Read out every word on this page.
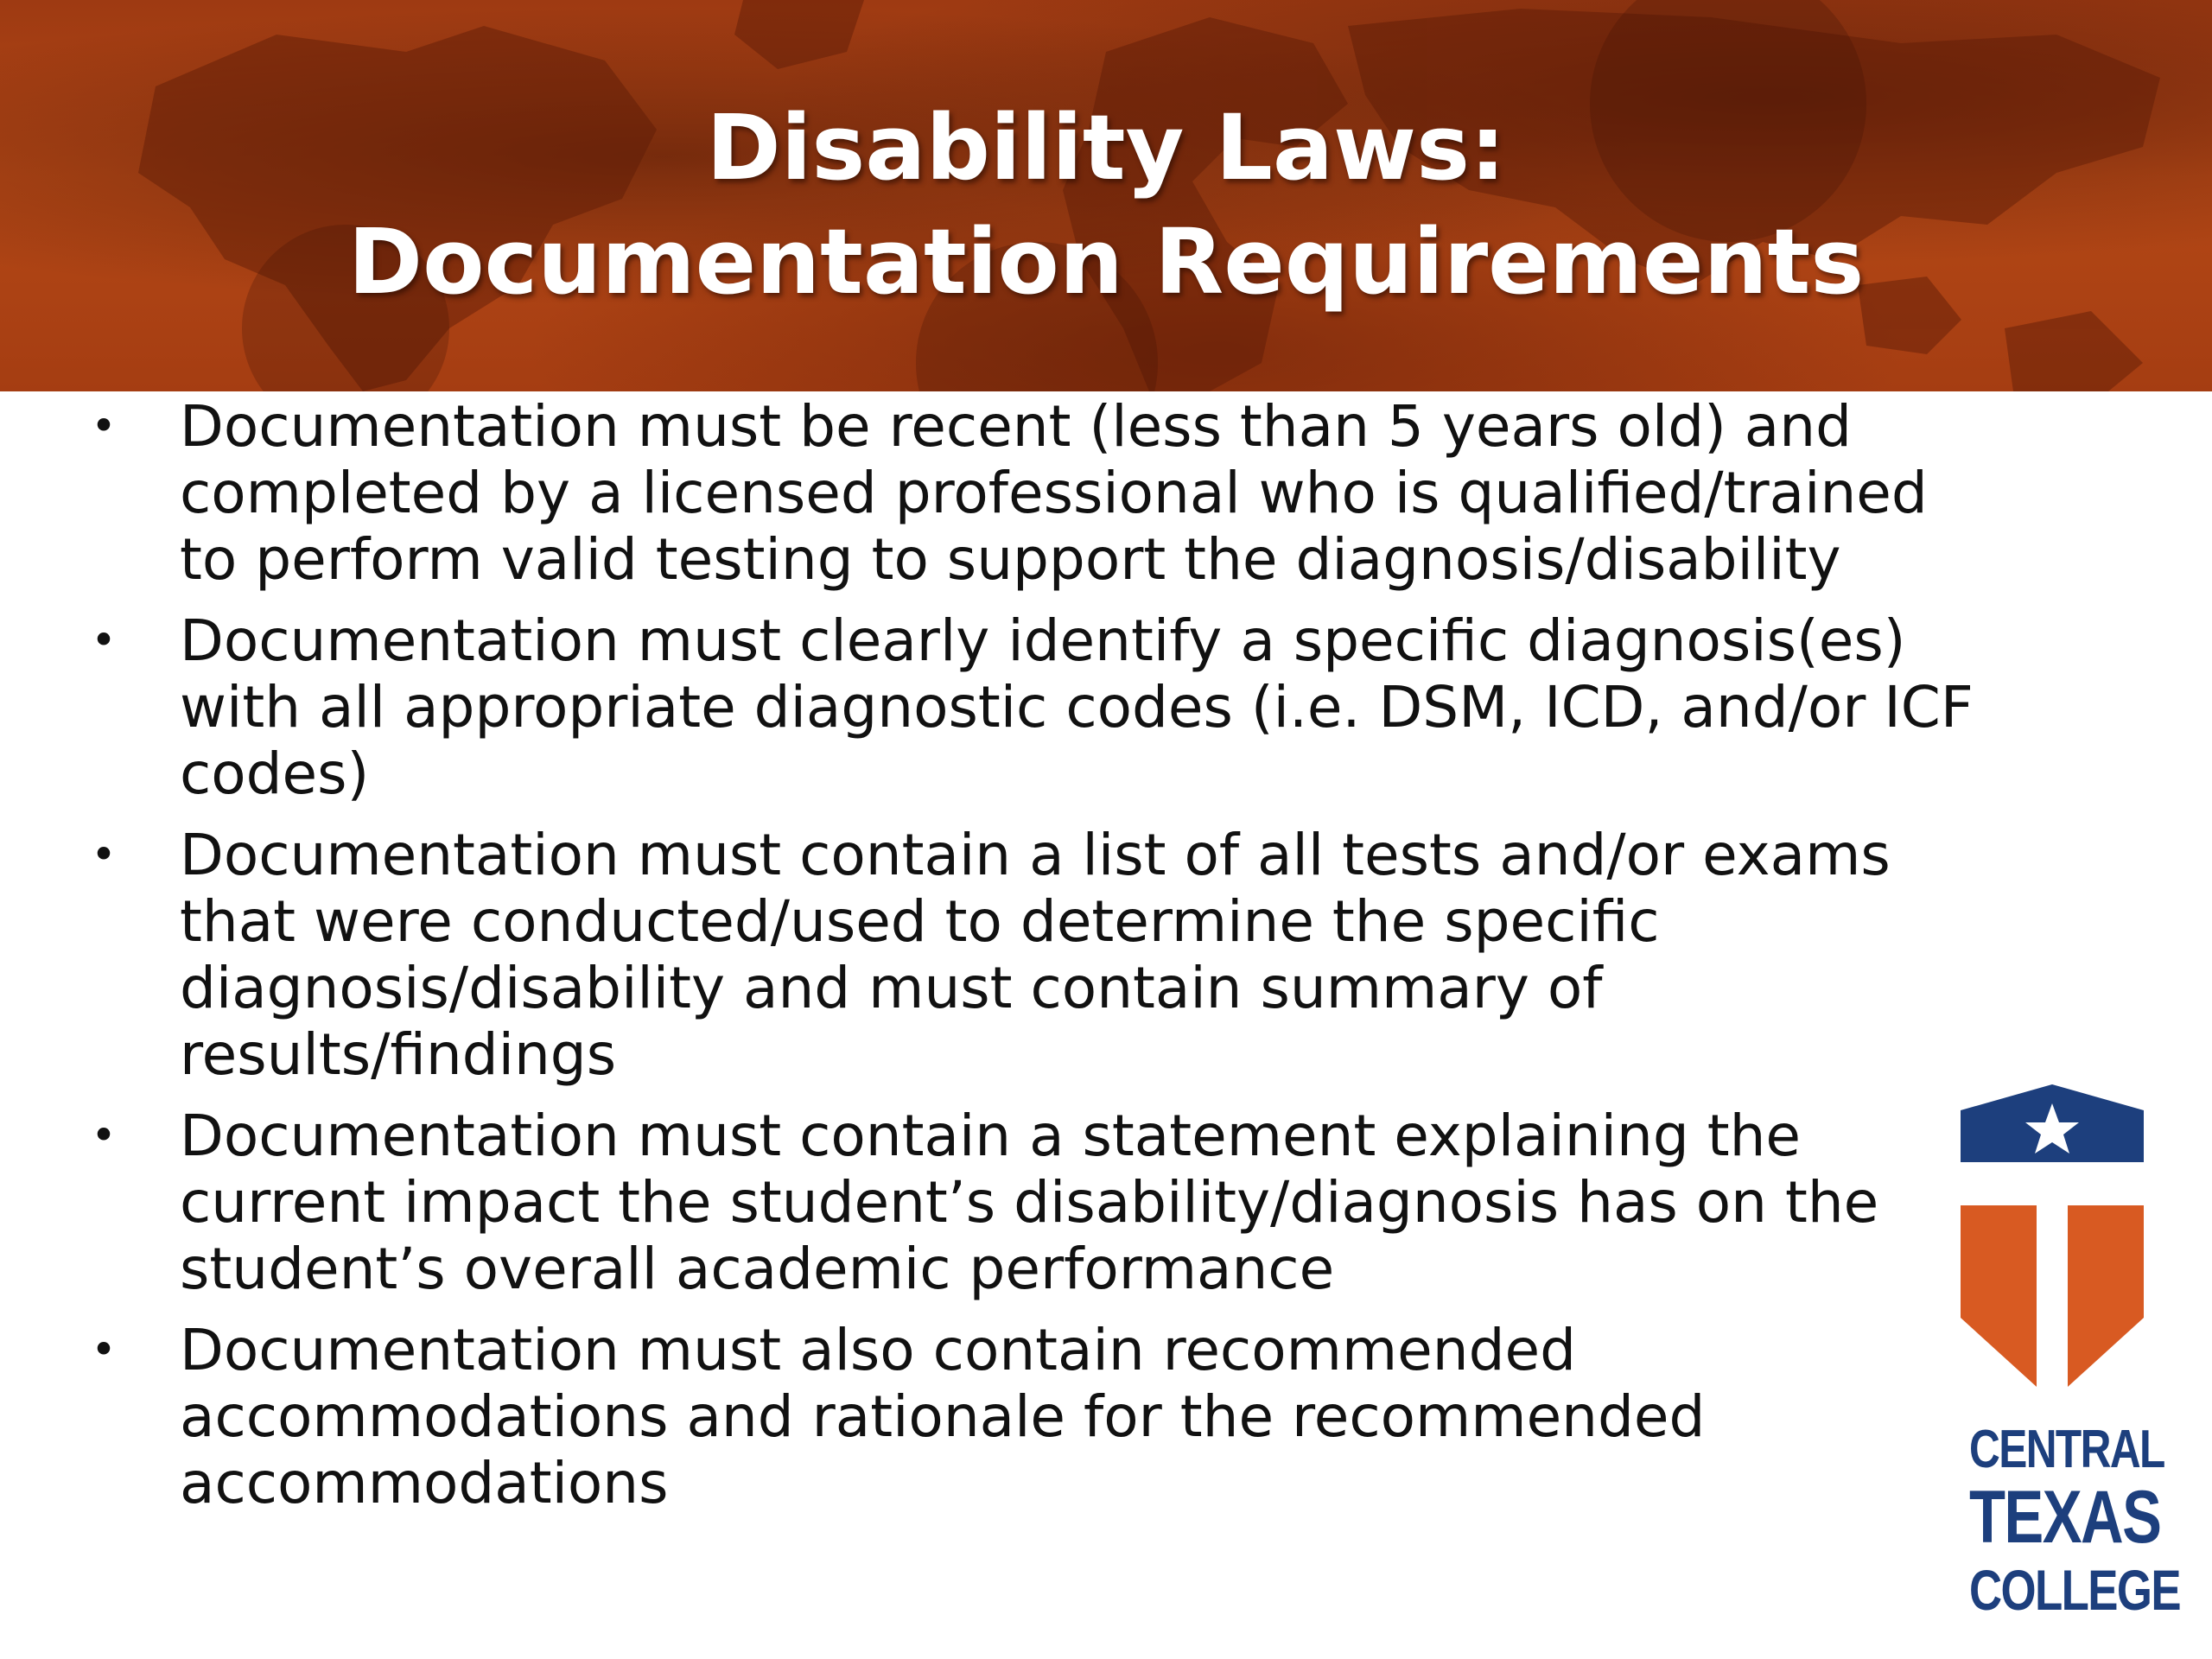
Disability Laws:
Documentation Requirements
• Documentation must be recent (less than 5 years old) and completed by a licensed professional who is qualified/trained to perform valid testing to support the diagnosis/disability
• Documentation must clearly identify a specific diagnosis(es) with all appropriate diagnostic codes (i.e. DSM, ICD, and/or ICF codes)
• Documentation must contain a list of all tests and/or exams that were conducted/used to determine the specific diagnosis/disability and must contain summary of results/findings
• Documentation must contain a statement explaining the current impact the student’s disability/diagnosis has on the student’s overall academic performance
• Documentation must also contain recommended accommodations and rationale for the recommended accommodations
CENTRAL
TEXAS
COLLEGE
